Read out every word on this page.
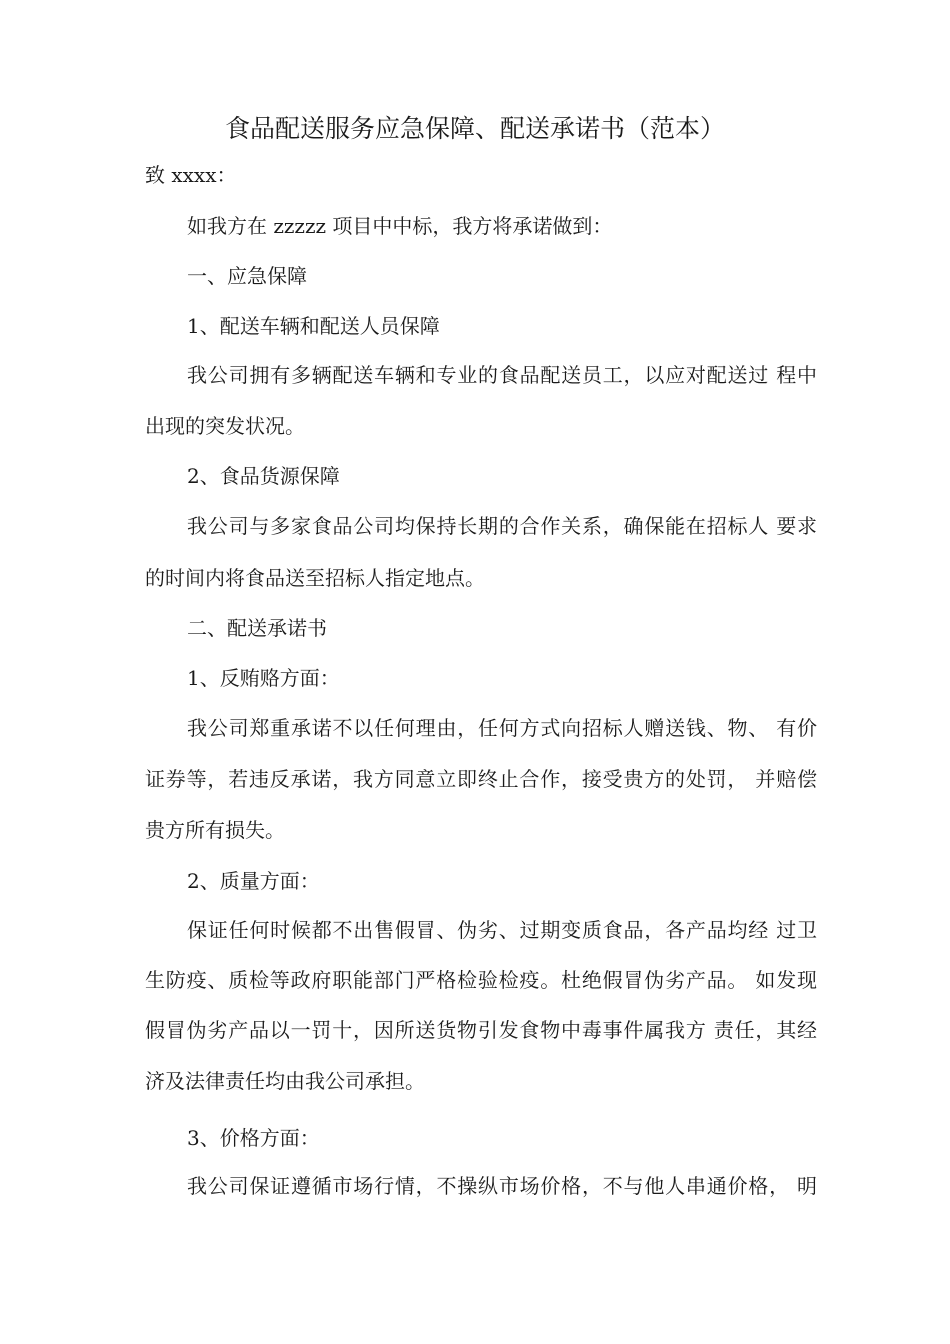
食品配送服务应急保障、配送承诺书（范本）
致 xxxx：
如我方在 zzzzz 项目中中标，我方将承诺做到：
一、应急保障
1、配送车辆和配送人员保障
我公司拥有多辆配送车辆和专业的食品配送员工，以应对配送过 程中
出现的突发状况。
2、食品货源保障
我公司与多家食品公司均保持长期的合作关系，确保能在招标人 要求
的时间内将食品送至招标人指定地点。
二、配送承诺书
1、反贿赂方面：
我公司郑重承诺不以任何理由，任何方式向招标人赠送钱、物、 有价
证券等，若违反承诺，我方同意立即终止合作，接受贵方的处罚， 并赔偿
贵方所有损失。
2、质量方面：
保证任何时候都不出售假冒、伪劣、过期变质食品，各产品均经 过卫
生防疫、质检等政府职能部门严格检验检疫。杜绝假冒伪劣产品。 如发现
假冒伪劣产品以一罚十，因所送货物引发食物中毒事件属我方 责任，其经
济及法律责任均由我公司承担。
3、价格方面：
我公司保证遵循市场行情，不操纵市场价格，不与他人串通价格， 明
